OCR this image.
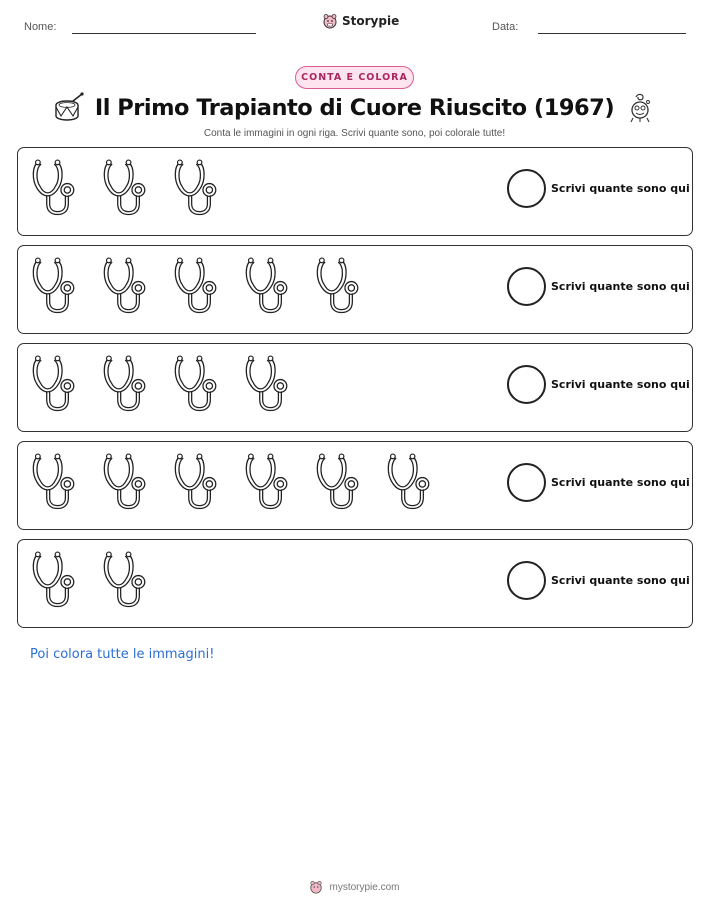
Nome:	Storypie	Data:
CONTA E COLORA
Il Primo Trapianto di Cuore Riuscito (1967)
Conta le immagini in ogni riga. Scrivi quante sono, poi colorale tutte!
Scrivi quante sono qui
Scrivi quante sono qui
Scrivi quante sono qui
Scrivi quante sono qui
Scrivi quante sono qui
Poi colora tutte le immagini!
mystorypie.com
